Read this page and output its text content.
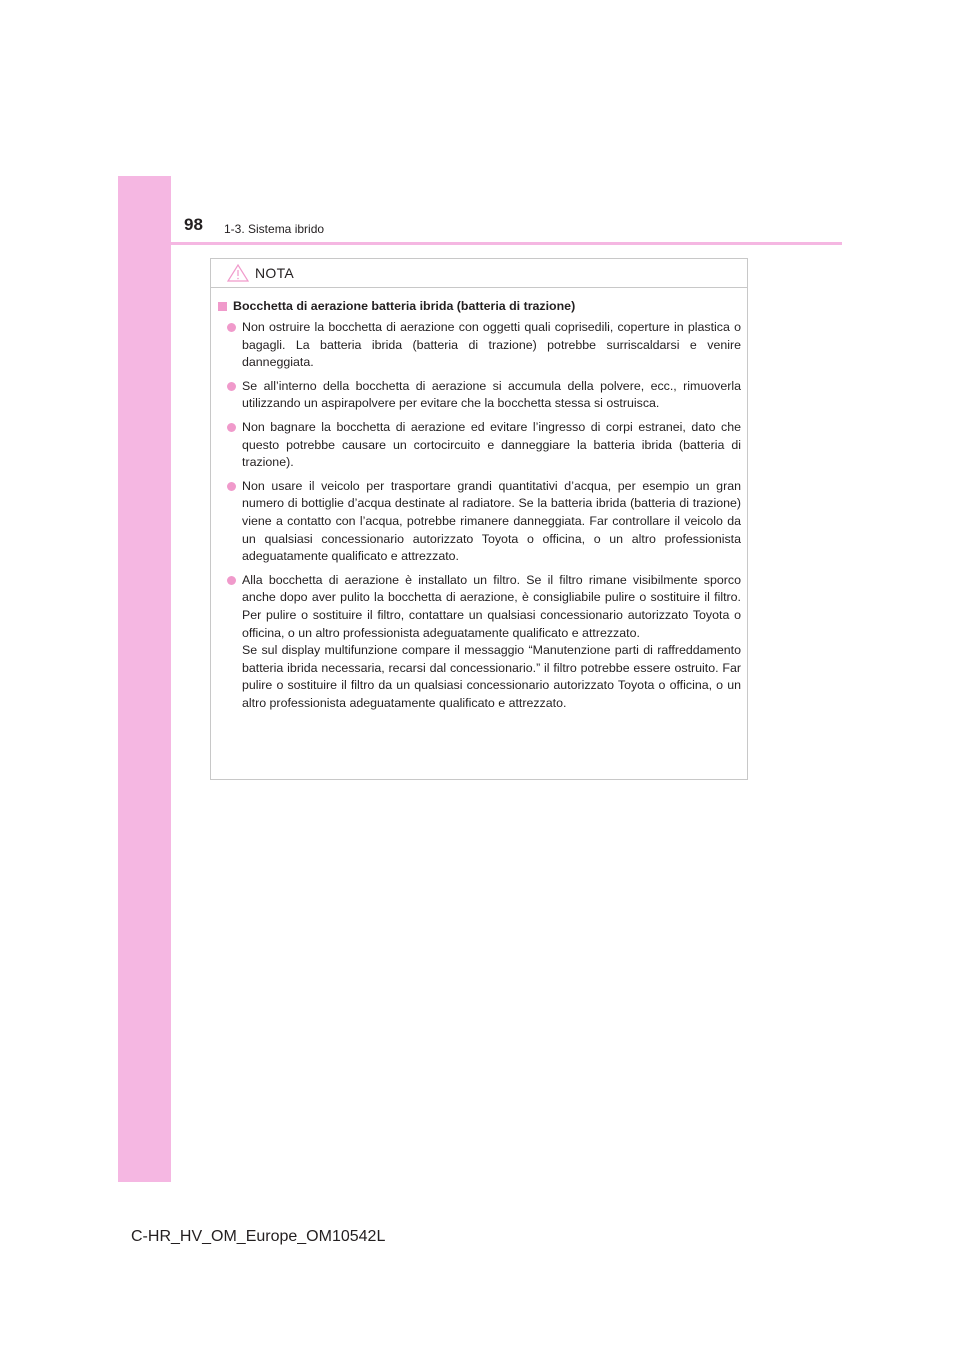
98 1-3. Sistema ibrido
NOTA
Bocchetta di aerazione batteria ibrida (batteria di trazione)

Non ostruire la bocchetta di aerazione con oggetti quali coprisedili, coperture in plastica o bagagli. La batteria ibrida (batteria di trazione) potrebbe surriscaldarsi e venire danneggiata.

Se all’interno della bocchetta di aerazione si accumula della polvere, ecc., rimuoverla utilizzando un aspirapolvere per evitare che la bocchetta stessa si ostruisca.

Non bagnare la bocchetta di aerazione ed evitare l’ingresso di corpi estranei, dato che questo potrebbe causare un cortocircuito e danneggiare la batteria ibrida (batteria di trazione).

Non usare il veicolo per trasportare grandi quantitativi d’acqua, per esempio un gran numero di bottiglie d’acqua destinate al radiatore. Se la batteria ibrida (batteria di trazione) viene a contatto con l’acqua, potrebbe rimanere danneggiata. Far controllare il veicolo da un qualsiasi concessionario autorizzato Toyota o officina, o un altro professionista adeguatamente qualificato e attrezzato.

Alla bocchetta di aerazione è installato un filtro. Se il filtro rimane visibilmente sporco anche dopo aver pulito la bocchetta di aerazione, è consigliabile pulire o sostituire il filtro. Per pulire o sostituire il filtro, contattare un qualsiasi concessionario autorizzato Toyota o officina, o un altro professionista adeguatamente qualificato e attrezzato.

Se sul display multifunzione compare il messaggio “Manutenzione parti di raffreddamento batteria ibrida necessaria, recarsi dal concessionario.” il filtro potrebbe essere ostruito. Far pulire o sostituire il filtro da un qualsiasi concessionario autorizzato Toyota o officina, o un altro professionista adeguatamente qualificato e attrezzato.

C-HR_HV_OM_Europe_OM10542L
